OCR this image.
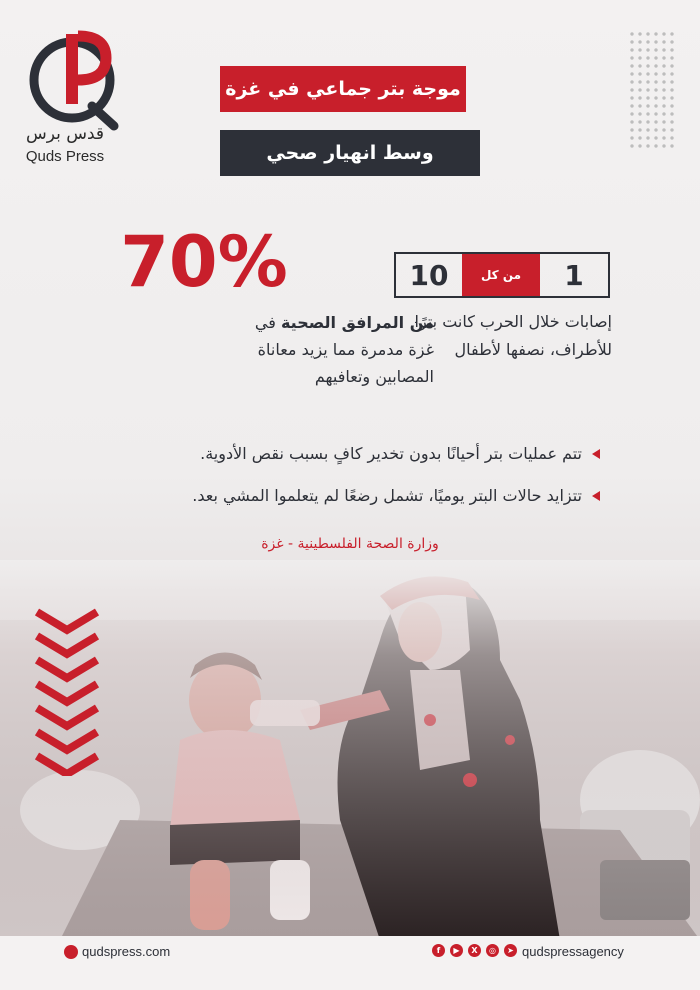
قدس برس
Quds Press
موجة بتر جماعي في غزة
وسط انهيار صحي
70%
من المرافق الصحية في
غزة مدمرة مما يزيد معاناة
المصابين وتعافيهم
10	من كل	1
إصابات خلال الحرب كانت بترًا
للأطراف، نصفها لأطفال
تتم عمليات بتر أحيانًا بدون تخدير كافٍ بسبب نقص الأدوية.
تتزايد حالات البتر يوميًا، تشمل رضعًا لم يتعلموا المشي بعد.
وزارة الصحة الفلسطينية - غزة
qudspress.com	f	▶	X	◎	➤ qudspressagency
